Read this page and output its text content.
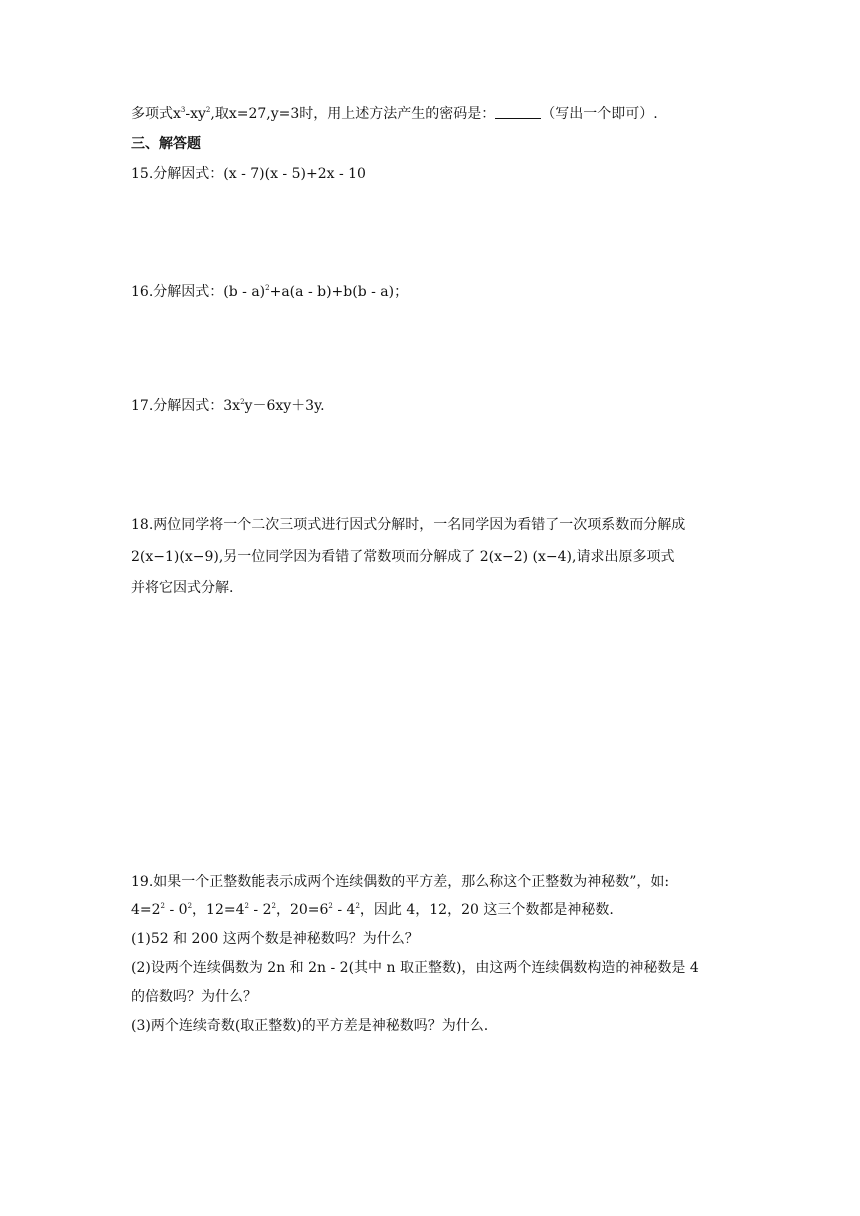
多项式$x^3-xy^2$,取x=27,y=3时，用上述方法产生的密码是：	（写出一个即可）.
三、解答题
15.分解因式：(x - 7)(x - 5)+2x - 10
16.分解因式：(b - a)$^2$+a(a - b)+b(b - a)；
17.分解因式：$3x^2y-6xy+3y$.
18.两位同学将一个二次三项式进行因式分解时，一名同学因为看错了一次项系数而分解成
2(x−1)(x−9),另一位同学因为看错了常数项而分解成了 2(x−2) (x−4),请求出原多项式
并将它因式分解.
19.如果一个正整数能表示成两个连续偶数的平方差，那么称这个正整数为神秘数”，如:
$4=2^2 - 0^2$，$12=4^2 - 2^2$，$20=6^2 - 4^2$，因此 4，12，20 这三个数都是神秘数.
(1)52 和 200 这两个数是神秘数吗？为什么？
(2)设两个连续偶数为 2n 和 2n - 2(其中 n 取正整数)，由这两个连续偶数构造的神秘数是 4
的倍数吗？为什么？
(3)两个连续奇数(取正整数)的平方差是神秘数吗？为什么.
